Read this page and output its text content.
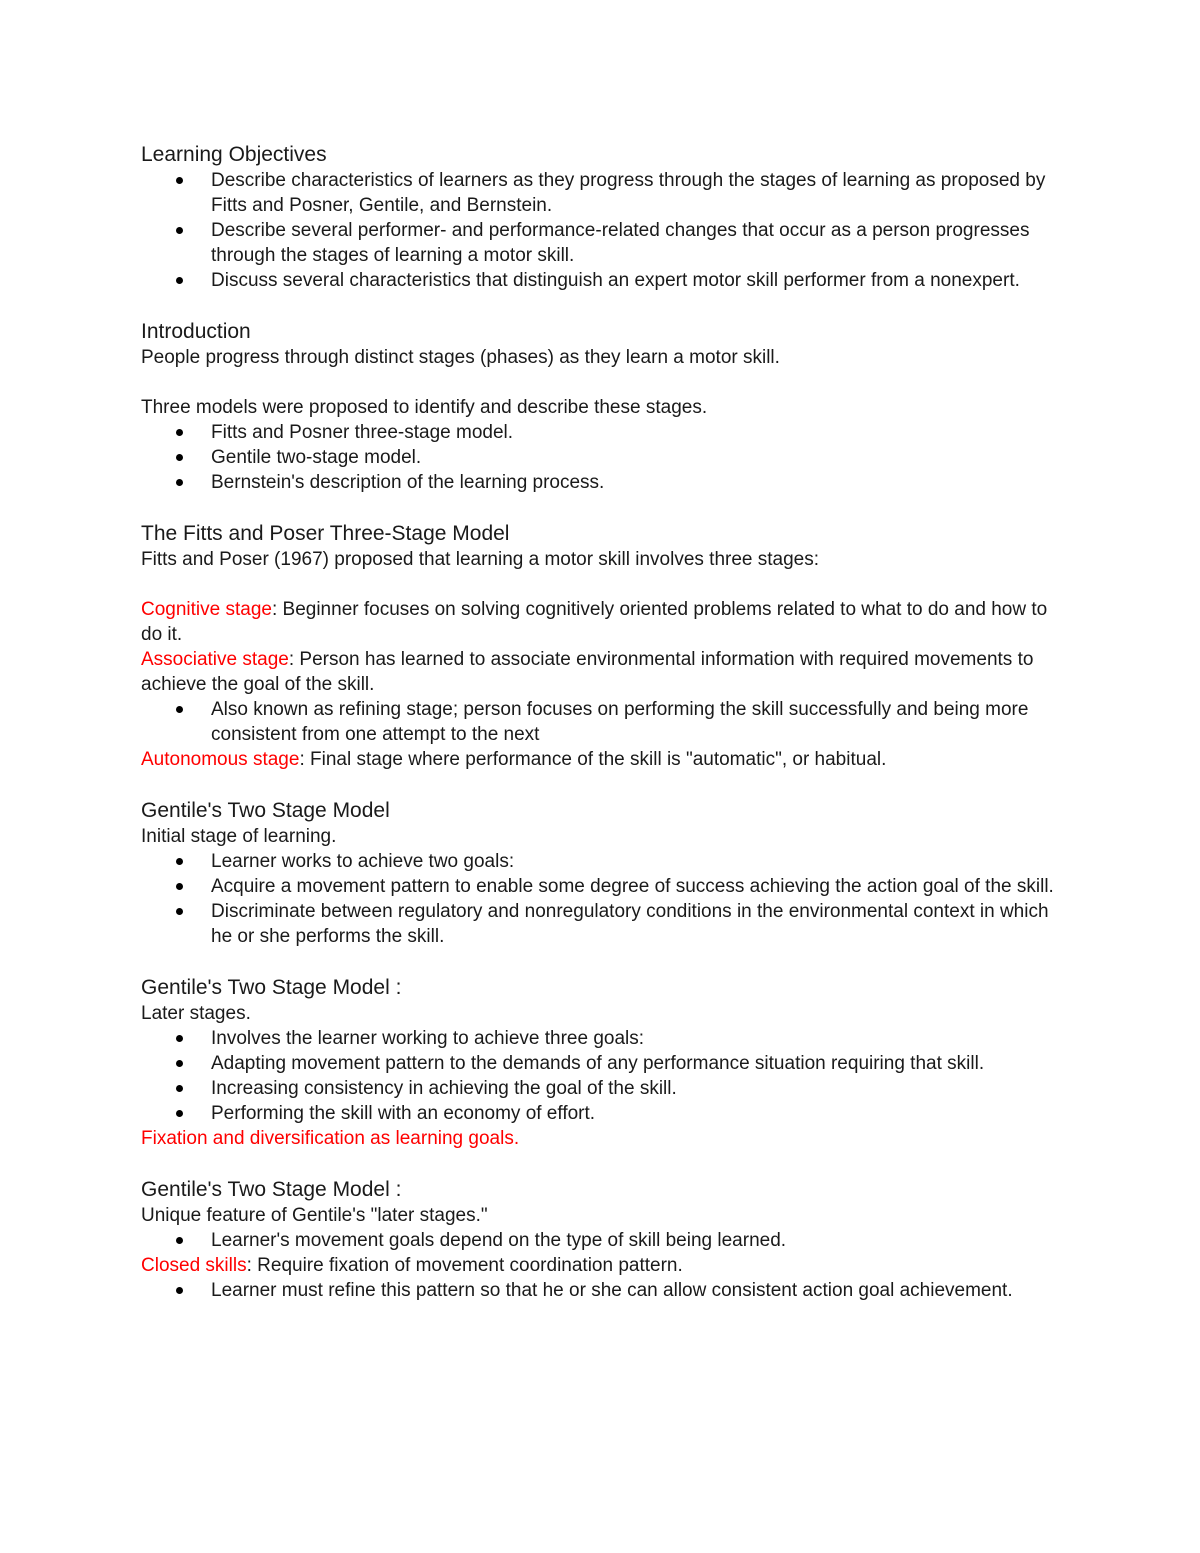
Learning Objectives
Describe characteristics of learners as they progress through the stages of learning as proposed by Fitts and Posner, Gentile, and Bernstein.
Describe several performer- and performance-related changes that occur as a person progresses through the stages of learning a motor skill.
Discuss several characteristics that distinguish an expert motor skill performer from a nonexpert.
Introduction

People progress through distinct stages (phases) as they learn a motor skill.

Three models were proposed to identify and describe these stages.

Fitts and Posner three-stage model.
Gentile two-stage model.
Bernstein's description of the learning process.
The Fitts and Poser Three-Stage Model

Fitts and Poser (1967) proposed that learning a motor skill involves three stages:

Cognitive stage: Beginner focuses on solving cognitively oriented problems related to what to do and how to do it.

Associative stage: Person has learned to associate environmental information with required movements to achieve the goal of the skill.

Also known as refining stage; person focuses on performing the skill successfully and being more consistent from one attempt to the next

Autonomous stage: Final stage where performance of the skill is "automatic", or habitual.

Gentile's Two Stage Model

Initial stage of learning.

Learner works to achieve two goals:
Acquire a movement pattern to enable some degree of success achieving the action goal of the skill.
Discriminate between regulatory and nonregulatory conditions in the environmental context in which he or she performs the skill.
Gentile's Two Stage Model :

Later stages.

Involves the learner working to achieve three goals:
Adapting movement pattern to the demands of any performance situation requiring that skill.
Increasing consistency in achieving the goal of the skill.
Performing the skill with an economy of effort.

Fixation and diversification as learning goals.

Gentile's Two Stage Model :

Unique feature of Gentile's "later stages."

Learner's movement goals depend on the type of skill being learned.

Closed skills: Require fixation of movement coordination pattern.

Learner must refine this pattern so that he or she can allow consistent action goal achievement.
